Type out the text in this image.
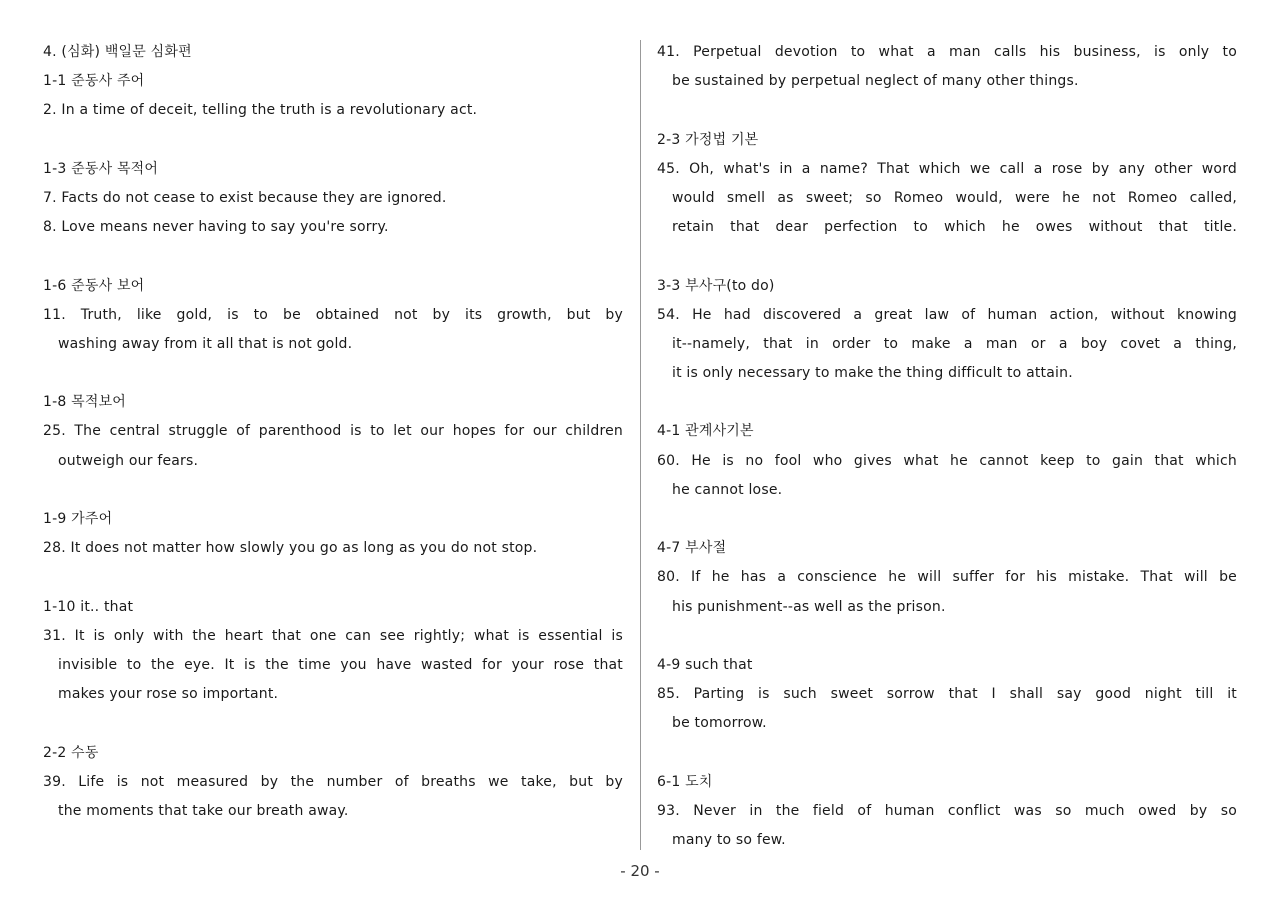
4. (심화) 백일문 심화편
1-1 준동사 주어
2. In a time of deceit, telling the truth is a revolutionary act.
1-3 준동사 목적어
7. Facts do not cease to exist because they are ignored.
8. Love means never having to say you're sorry.
1-6 준동사 보어
11. Truth, like gold, is to be obtained not by its growth, but by
washing away from it all that is not gold.
1-8 목적보어
25. The central struggle of parenthood is to let our hopes for our children
outweigh our fears.
1-9 가주어
28. It does not matter how slowly you go as long as you do not stop.
1-10 it.. that
31. It is only with the heart that one can see rightly; what is essential is
invisible to the eye. It is the time you have wasted for your rose that
makes your rose so important.
2-2 수동
39. Life is not measured by the number of breaths we take, but by
the moments that take our breath away.
41. Perpetual devotion to what a man calls his business, is only to
be sustained by perpetual neglect of many other things.
2-3 가정법 기본
45. Oh, what's in a name? That which we call a rose by any other word
would smell as sweet; so Romeo would, were he not Romeo called,
retain that dear perfection to which he owes without that title.
3-3 부사구(to do)
54. He had discovered a great law of human action, without knowing
it--namely, that in order to make a man or a boy covet a thing,
it is only necessary to make the thing difficult to attain.
4-1 관계사기본
60. He is no fool who gives what he cannot keep to gain that which
he cannot lose.
4-7 부사절
80. If he has a conscience he will suffer for his mistake. That will be
his punishment--as well as the prison.
4-9 such that
85. Parting is such sweet sorrow that I shall say good night till it
be tomorrow.
6-1 도치
93. Never in the field of human conflict was so much owed by so
many to so few.
- 20 -
